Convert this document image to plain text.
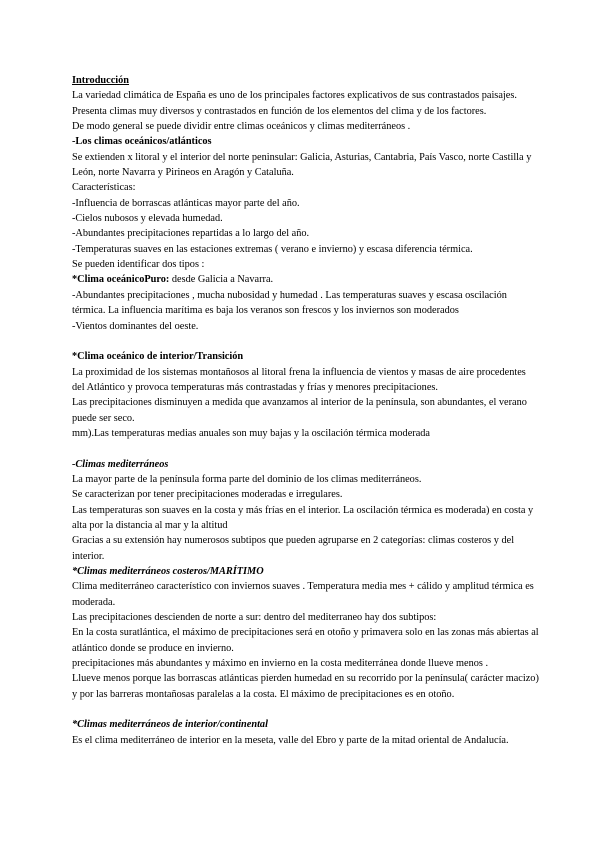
Introducción

La variedad climática de España es uno de los principales factores explicativos de sus contrastados paisajes. Presenta climas muy diversos y contrastados en función de los elementos del clima y de los factores.

De modo general se puede dividir entre climas oceánicos y climas mediterráneos .

-Los climas oceánicos/atlánticos

Se extienden x litoral y el interior del norte peninsular: Galicia, Asturias, Cantabria, País Vasco, norte Castilla y León, norte Navarra y Pirineos en Aragón y Cataluña.

Características:

-Influencia de borrascas atlánticas mayor parte del año.

-Cielos nubosos y elevada humedad.

-Abundantes precipitaciones repartidas a lo largo del año.

-Temperaturas suaves en las estaciones extremas ( verano e invierno) y escasa diferencia térmica.

Se pueden identificar dos tipos :

*Clima oceánicoPuro: desde Galicia a Navarra.

-Abundantes precipitaciones , mucha nubosidad y humedad . Las temperaturas suaves y escasa oscilación térmica. La influencia marítima es baja los veranos son frescos y los inviernos son moderados

-Vientos dominantes del oeste.

*Clima oceánico de interior/Transición

La proximidad de los sistemas montañosos al litoral frena la influencia de vientos y masas de aire procedentes del Atlántico y provoca temperaturas más contrastadas y frías y menores precipitaciones.

Las precipitaciones disminuyen a medida que avanzamos al interior de la península, son abundantes, el verano puede ser seco.

mm).Las temperaturas medias anuales son muy bajas y la oscilación térmica moderada

-Climas mediterráneos

La mayor parte de la península forma parte del dominio de los climas mediterráneos.

Se caracterizan por tener precipitaciones moderadas e irregulares.

Las temperaturas son suaves en la costa y más frías en el interior. La oscilación térmica es moderada) en costa y alta por la distancia al mar y la altitud

Gracias a su extensión hay numerosos subtipos que pueden agruparse en 2 categorías: climas costeros y del interior.

*Climas mediterráneos costeros/MARÍTIMO

Clima mediterráneo característico con inviernos suaves . Temperatura media mes + cálido y amplitud térmica es moderada.

Las precipitaciones descienden de norte a sur: dentro del mediterraneo hay dos subtipos:

En la costa suratlántica, el máximo de precipitaciones será en otoño y primavera solo en las zonas más abiertas al atlántico donde se produce en invierno.

precipitaciones más abundantes y máximo en invierno en la costa mediterránea donde llueve menos .

Llueve menos porque las borrascas atlánticas pierden humedad en su recorrido por la península( carácter macizo) y por las barreras montañosas paralelas a la costa. El máximo de precipitaciones es en otoño.

*Climas mediterráneos de interior/continental

Es el clima mediterráneo de interior en la meseta, valle del Ebro y parte de la mitad oriental de Andalucía.
